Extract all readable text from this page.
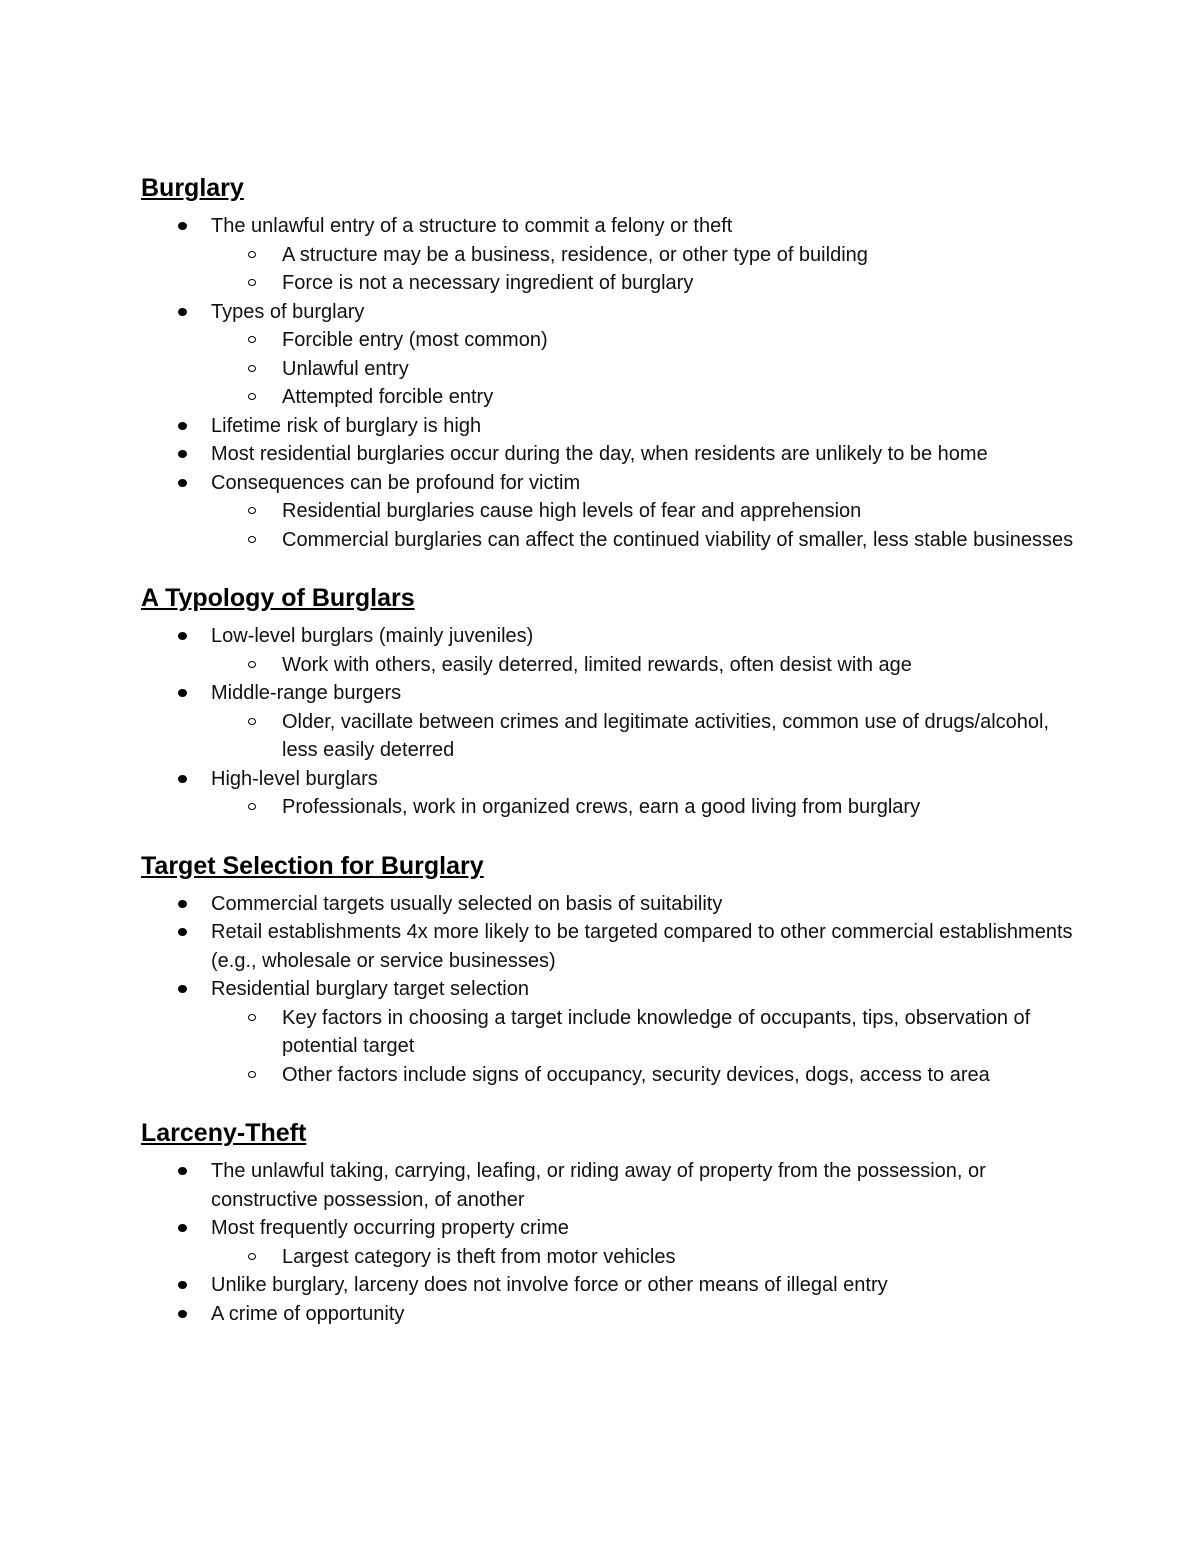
Burglary
The unlawful entry of a structure to commit a felony or theft
A structure may be a business, residence, or other type of building
Force is not a necessary ingredient of burglary
Types of burglary
Forcible entry (most common)
Unlawful entry
Attempted forcible entry
Lifetime risk of burglary is high
Most residential burglaries occur during the day, when residents are unlikely to be home
Consequences can be profound for victim
Residential burglaries cause high levels of fear and apprehension
Commercial burglaries can affect the continued viability of smaller, less stable businesses
A Typology of Burglars
Low-level burglars (mainly juveniles)
Work with others, easily deterred, limited rewards, often desist with age
Middle-range burgers
Older, vacillate between crimes and legitimate activities, common use of drugs/alcohol, less easily deterred
High-level burglars
Professionals, work in organized crews, earn a good living from burglary
Target Selection for Burglary
Commercial targets usually selected on basis of suitability
Retail establishments 4x more likely to be targeted compared to other commercial establishments (e.g., wholesale or service businesses)
Residential burglary target selection
Key factors in choosing a target include knowledge of occupants, tips, observation of potential target
Other factors include signs of occupancy, security devices, dogs, access to area
Larceny-Theft
The unlawful taking, carrying, leafing, or riding away of property from the possession, or constructive possession, of another
Most frequently occurring property crime
Largest category is theft from motor vehicles
Unlike burglary, larceny does not involve force or other means of illegal entry
A crime of opportunity
